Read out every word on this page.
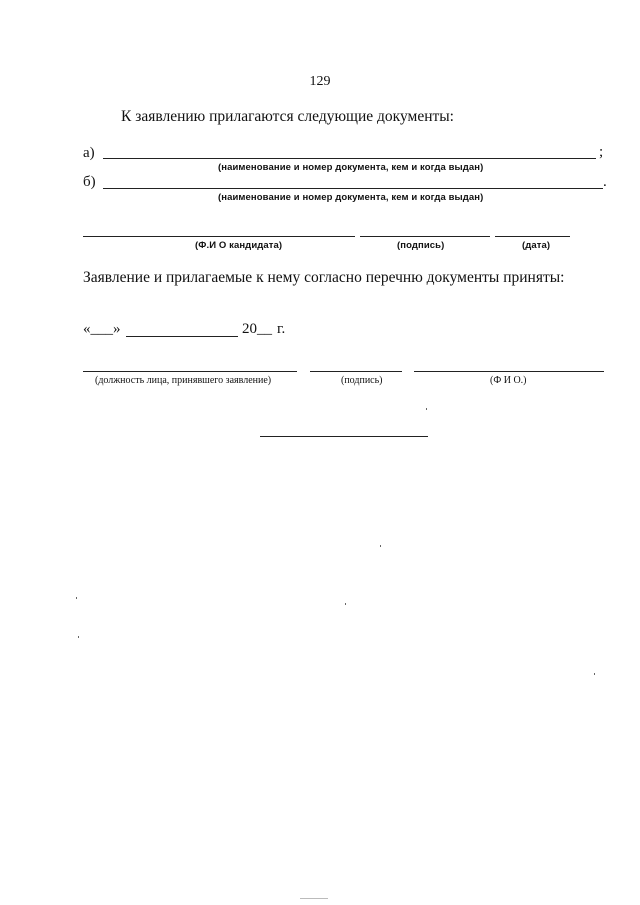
129
К заявлению прилагаются следующие документы:
а)	;
(наименование и номер документа, кем и когда выдан)
б)	.
(наименование и номер документа, кем и когда выдан)
(Ф.И О кандидата)	(подпись)	(дата)
Заявление и прилагаемые к нему согласно перечню документы приняты:
«___»	20__ г.
(должность лица, принявшего заявление)	(подпись)	(Ф И О.)
